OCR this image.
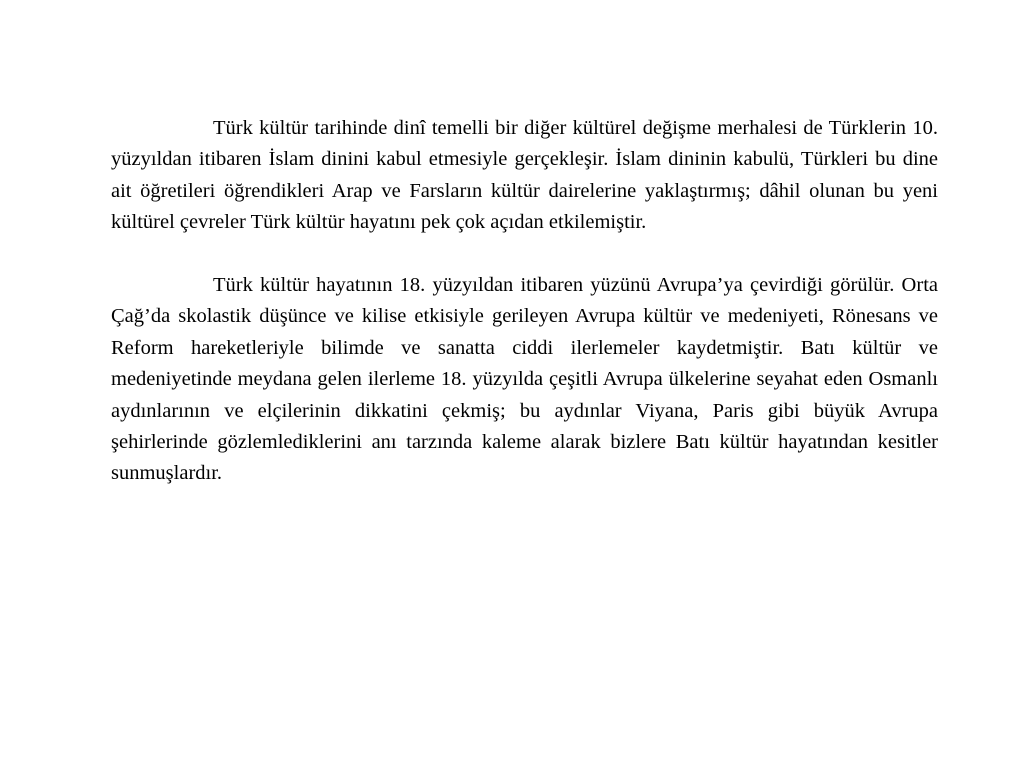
Türk kültür tarihinde dinî temelli bir diğer kültürel değişme merhalesi de Türklerin 10. yüzyıldan itibaren İslam dinini kabul etmesiyle gerçekleşir. İslam dininin kabulü, Türkleri bu dine ait öğretileri öğrendikleri Arap ve Farsların kültür dairelerine yaklaştırmış; dâhil olunan bu yeni kültürel çevreler Türk kültür hayatını pek çok açıdan etkilemiştir.

Türk kültür hayatının 18. yüzyıldan itibaren yüzünü Avrupa’ya çevirdiği görülür. Orta Çağ’da skolastik düşünce ve kilise etkisiyle gerileyen Avrupa kültür ve medeniyeti, Rönesans ve Reform hareketleriyle bilimde ve sanatta ciddi ilerlemeler kaydetmiştir. Batı kültür ve medeniyetinde meydana gelen ilerleme 18. yüzyılda çeşitli Avrupa ülkelerine seyahat eden Osmanlı aydınlarının ve elçilerinin dikkatini çekmiş; bu aydınlar Viyana, Paris gibi büyük Avrupa şehirlerinde gözlemlediklerini anı tarzında kaleme alarak bizlere Batı kültür hayatından kesitler sunmuşlardır.
